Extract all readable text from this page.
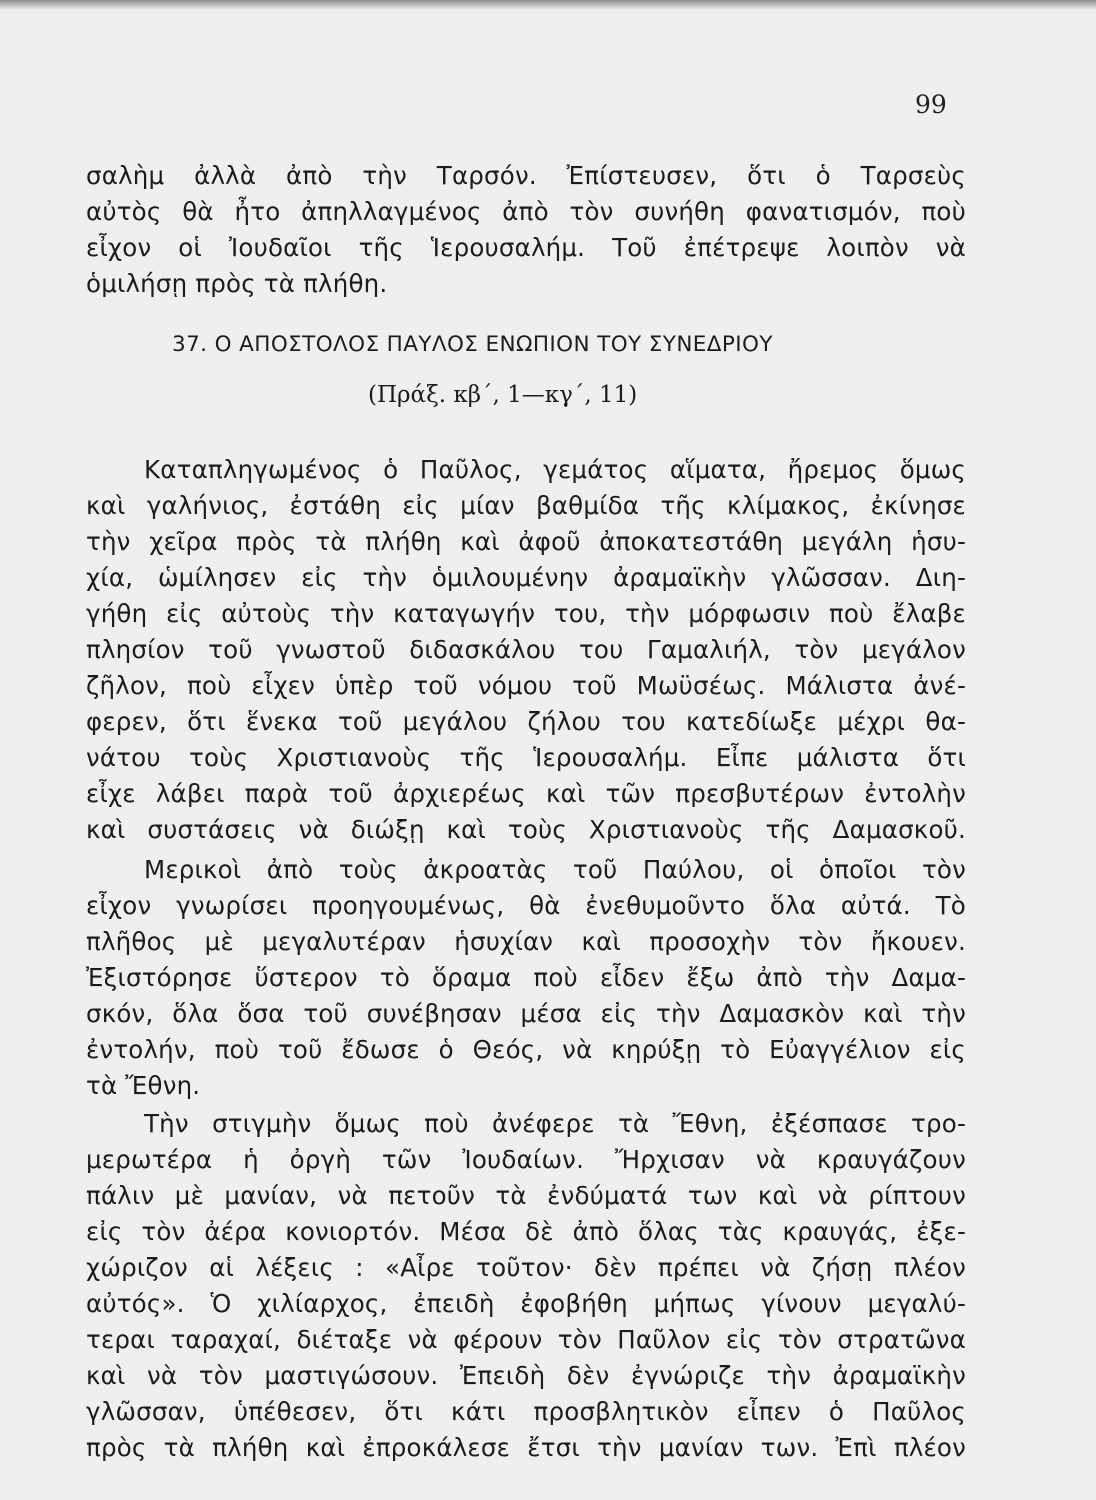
99
σαλὴμ ἀλλὰ ἀπὸ τὴν Ταρσόν. Ἐπίστευσεν, ὅτι ὁ Ταρσεὺς
αὐτὸς θὰ ἦτο ἀπηλλαγμένος ἀπὸ τὸν συνήθη φανατισμόν, ποὺ
εἶχον οἱ Ἰουδαῖοι τῆς Ἱερουσαλήμ. Τοῦ ἐπέτρεψε λοιπὸν νὰ
ὁμιλήσῃ πρὸς τὰ πλήθη.
37. Ο ΑΠΟΣΤΟΛΟΣ ΠΑΥΛΟΣ ΕΝΩΠΙΟΝ ΤΟΥ ΣΥΝΕΔΡΙΟΥ
(Πράξ. κβ΄, 1—κγ΄, 11)
Καταπληγωμένος ὁ Παῦλος, γεμάτος αἵματα, ἤρεμος ὅμως
καὶ γαλήνιος, ἐστάθη εἰς μίαν βαθμίδα τῆς κλίμακος, ἐκίνησε
τὴν χεῖρα πρὸς τὰ πλήθη καὶ ἀφοῦ ἀποκατεστάθη μεγάλη ἡσυ-
χία, ὡμίλησεν εἰς τὴν ὁμιλουμένην ἀραμαϊκὴν γλῶσσαν. Διη-
γήθη εἰς αὐτοὺς τὴν καταγωγήν του, τὴν μόρφωσιν ποὺ ἔλαβε
πλησίον τοῦ γνωστοῦ διδασκάλου του Γαμαλιήλ, τὸν μεγάλον
ζῆλον, ποὺ εἶχεν ὑπὲρ τοῦ νόμου τοῦ Μωϋσέως. Μάλιστα ἀνέ-
φερεν, ὅτι ἕνεκα τοῦ μεγάλου ζήλου του κατεδίωξε μέχρι θα-
νάτου τοὺς Χριστιανοὺς τῆς Ἱερουσαλήμ. Εἶπε μάλιστα ὅτι
εἶχε λάβει παρὰ τοῦ ἀρχιερέως καὶ τῶν πρεσβυτέρων ἐντολὴν
καὶ συστάσεις νὰ διώξῃ καὶ τοὺς Χριστιανοὺς τῆς Δαμασκοῦ.
Μερικοὶ ἀπὸ τοὺς ἀκροατὰς τοῦ Παύλου, οἱ ὁποῖοι τὸν
εἶχον γνωρίσει προηγουμένως, θὰ ἐνεθυμοῦντο ὅλα αὐτά. Τὸ
πλῆθος μὲ μεγαλυτέραν ἡσυχίαν καὶ προσοχὴν τὸν ἤκουεν.
Ἐξιστόρησε ὕστερον τὸ ὅραμα ποὺ εἶδεν ἔξω ἀπὸ τὴν Δαμα-
σκόν, ὅλα ὅσα τοῦ συνέβησαν μέσα εἰς τὴν Δαμασκὸν καὶ τὴν
ἐντολήν, ποὺ τοῦ ἔδωσε ὁ Θεός, νὰ κηρύξῃ τὸ Εὐαγγέλιον εἰς
τὰ Ἔθνη.
Τὴν στιγμὴν ὅμως ποὺ ἀνέφερε τὰ Ἔθνη, ἐξέσπασε τρο-
μερωτέρα ἡ ὀργὴ τῶν Ἰουδαίων. Ἤρχισαν νὰ κραυγάζουν
πάλιν μὲ μανίαν, νὰ πετοῦν τὰ ἐνδύματά των καὶ νὰ ρίπτουν
εἰς τὸν ἀέρα κονιορτόν. Μέσα δὲ ἀπὸ ὅλας τὰς κραυγάς, ἐξε-
χώριζον αἱ λέξεις : «Αἶρε τοῦτον· δὲν πρέπει νὰ ζήσῃ πλέον
αὐτός». Ὁ χιλίαρχος, ἐπειδὴ ἐφοβήθη μήπως γίνουν μεγαλύ-
τεραι ταραχαί, διέταξε νὰ φέρουν τὸν Παῦλον εἰς τὸν στρατῶνα
καὶ νὰ τὸν μαστιγώσουν. Ἐπειδὴ δὲν ἐγνώριζε τὴν ἀραμαϊκὴν
γλῶσσαν, ὑπέθεσεν, ὅτι κάτι προσβλητικὸν εἶπεν ὁ Παῦλος
πρὸς τὰ πλήθη καὶ ἐπροκάλεσε ἔτσι τὴν μανίαν των. Ἐπὶ πλέον
